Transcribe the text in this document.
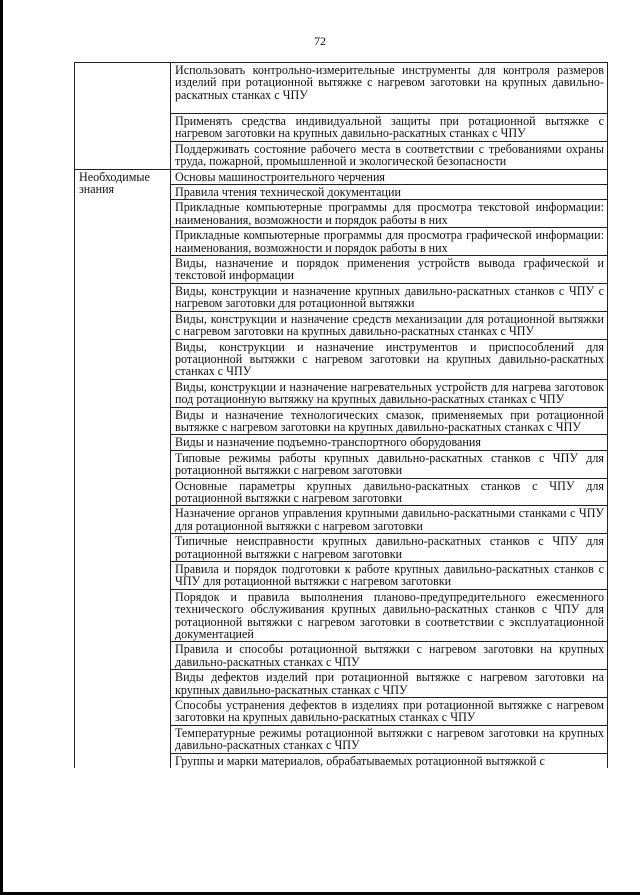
72
	Использовать контрольно-измерительные инструменты для контроля размеров изделий при ротационной вытяжке с нагревом заготовки на крупных давильно-раскатных станках с ЧПУ
	Применять средства индивидуальной защиты при ротационной вытяжке с нагревом заготовки на крупных давильно-раскатных станках с ЧПУ
	Поддерживать состояние рабочего места в соответствии с требованиями охраны труда, пожарной, промышленной и экологической безопасности
Необходимые знания	Основы машиностроительного черчения
	Правила чтения технической документации
	Прикладные компьютерные программы для просмотра текстовой информации: наименования, возможности и порядок работы в них
	Прикладные компьютерные программы для просмотра графической информации: наименования, возможности и порядок работы в них
	Виды, назначение и порядок применения устройств вывода графической и текстовой информации
	Виды, конструкции и назначение крупных давильно-раскатных станков с ЧПУ с нагревом заготовки для ротационной вытяжки
	Виды, конструкции и назначение средств механизации для ротационной вытяжки с нагревом заготовки на крупных давильно-раскатных станках с ЧПУ
	Виды, конструкции и назначение инструментов и приспособлений для ротационной вытяжки с нагревом заготовки на крупных давильно-раскатных станках с ЧПУ
	Виды, конструкции и назначение нагревательных устройств для нагрева заготовок под ротационную вытяжку на крупных давильно-раскатных станках с ЧПУ
	Виды и назначение технологических смазок, применяемых при ротационной вытяжке с нагревом заготовки на крупных давильно-раскатных станках с ЧПУ
	Виды и назначение подъемно-транспортного оборудования
	Типовые режимы работы крупных давильно-раскатных станков с ЧПУ для ротационной вытяжки с нагревом заготовки
	Основные параметры крупных давильно-раскатных станков с ЧПУ для ротационной вытяжки с нагревом заготовки
	Назначение органов управления крупными давильно-раскатными станками с ЧПУ для ротационной вытяжки с нагревом заготовки
	Типичные неисправности крупных давильно-раскатных станков с ЧПУ для ротационной вытяжки с нагревом заготовки
	Правила и порядок подготовки к работе крупных давильно-раскатных станков с ЧПУ для ротационной вытяжки с нагревом заготовки
	Порядок и правила выполнения планово-предупредительного ежесменного технического обслуживания крупных давильно-раскатных станков с ЧПУ для ротационной вытяжки с нагревом заготовки в соответствии с эксплуатационной документацией
	Правила и способы ротационной вытяжки с нагревом заготовки на крупных давильно-раскатных станках с ЧПУ
	Виды дефектов изделий при ротационной вытяжке с нагревом заготовки на крупных давильно-раскатных станках с ЧПУ
	Способы устранения дефектов в изделиях при ротационной вытяжке с нагревом заготовки на крупных давильно-раскатных станках с ЧПУ
	Температурные режимы ротационной вытяжки с нагревом заготовки на крупных давильно-раскатных станках с ЧПУ
	Группы и марки материалов, обрабатываемых ротационной вытяжкой с
